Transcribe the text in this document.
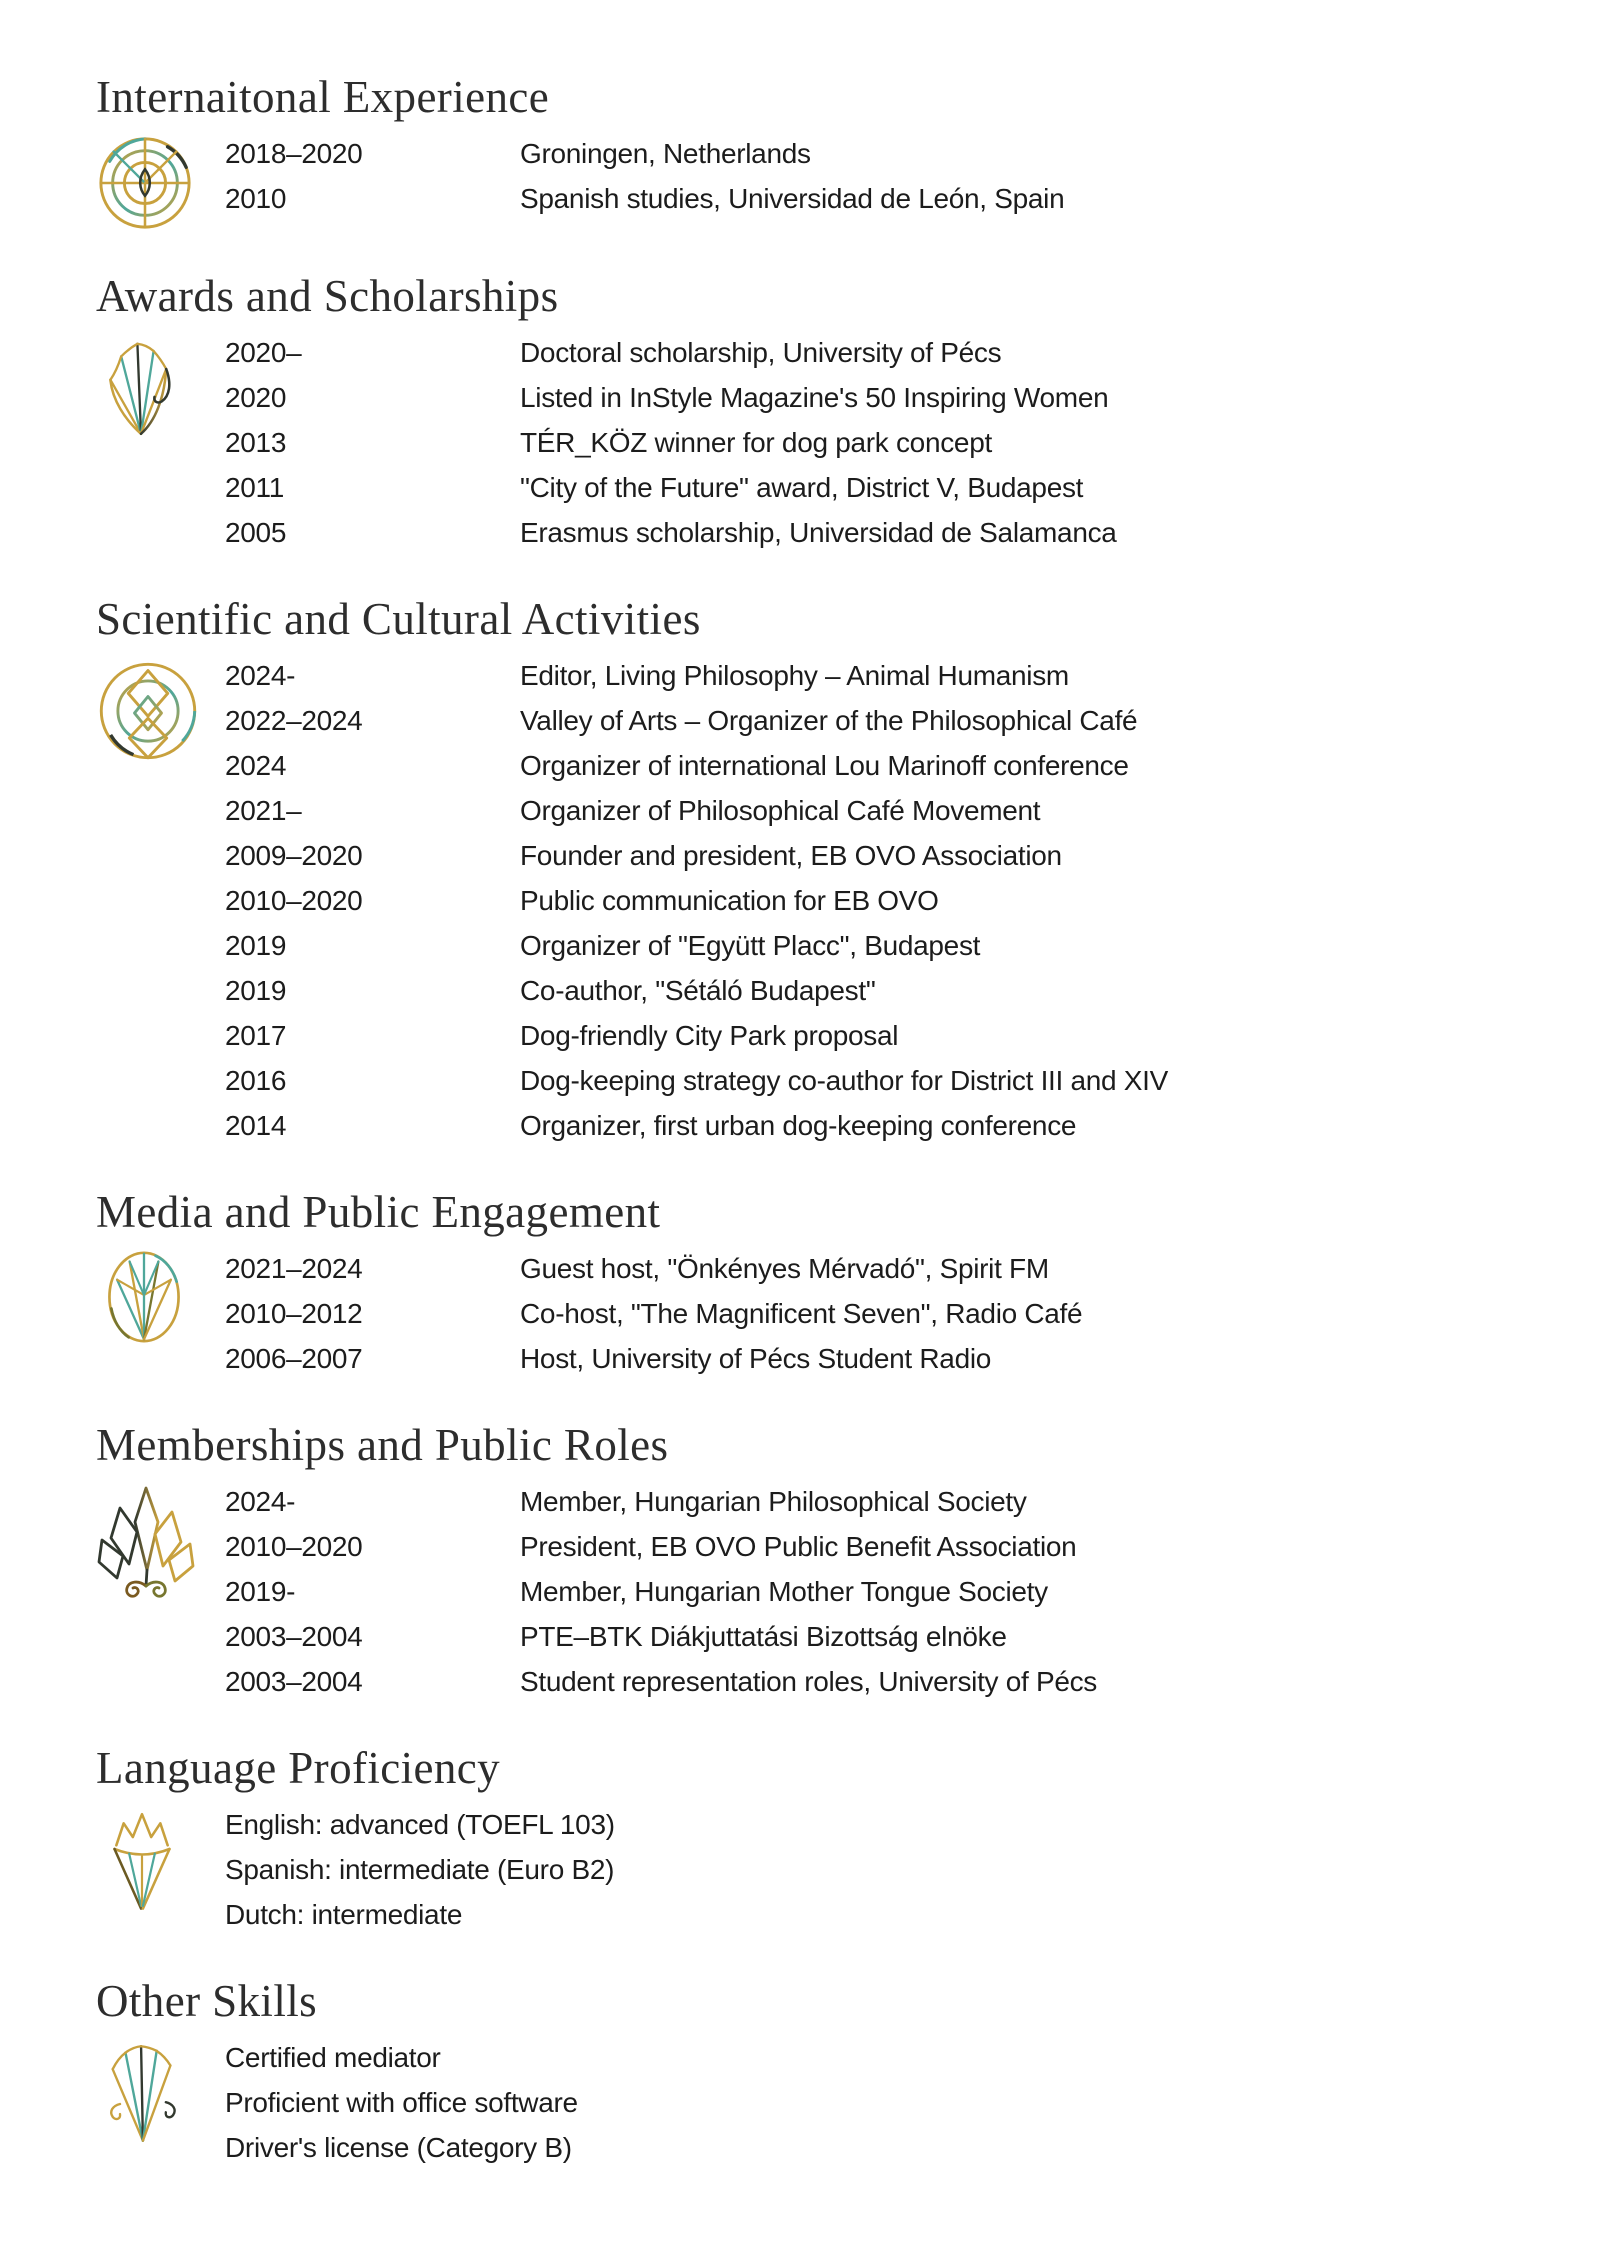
Internaitonal Experience
2018–2020	Groningen, Netherlands
2010	Spanish studies, Universidad de León, Spain
Awards and Scholarships
2020–	Doctoral scholarship, University of Pécs
2020	Listed in InStyle Magazine's 50 Inspiring Women
2013	TÉR_KÖZ winner for dog park concept
2011	"City of the Future" award, District V, Budapest
2005	Erasmus scholarship, Universidad de Salamanca
Scientific and Cultural Activities
2024-	Editor, Living Philosophy – Animal Humanism
2022–2024	Valley of Arts – Organizer of the Philosophical Café
2024	Organizer of international Lou Marinoff conference
2021–	Organizer of Philosophical Café Movement
2009–2020	Founder and president, EB OVO Association
2010–2020	Public communication for EB OVO
2019	Organizer of "Együtt Placc", Budapest
2019	Co-author, "Sétáló Budapest"
2017	Dog-friendly City Park proposal
2016	Dog-keeping strategy co-author for District III and XIV
2014	Organizer, first urban dog-keeping conference
Media and Public Engagement
2021–2024	Guest host, "Önkényes Mérvadó", Spirit FM
2010–2012	Co-host, "The Magnificent Seven", Radio Café
2006–2007	Host, University of Pécs Student Radio
Memberships and Public Roles
2024-	Member, Hungarian Philosophical Society
2010–2020	President, EB OVO Public Benefit Association
2019-	Member, Hungarian Mother Tongue Society
2003–2004	PTE–BTK Diákjuttatási Bizottság elnöke
2003–2004	Student representation roles, University of Pécs
Language Proficiency
English: advanced (TOEFL 103)
Spanish: intermediate (Euro B2)
Dutch: intermediate
Other Skills
Certified mediator
Proficient with office software
Driver's license (Category B)
